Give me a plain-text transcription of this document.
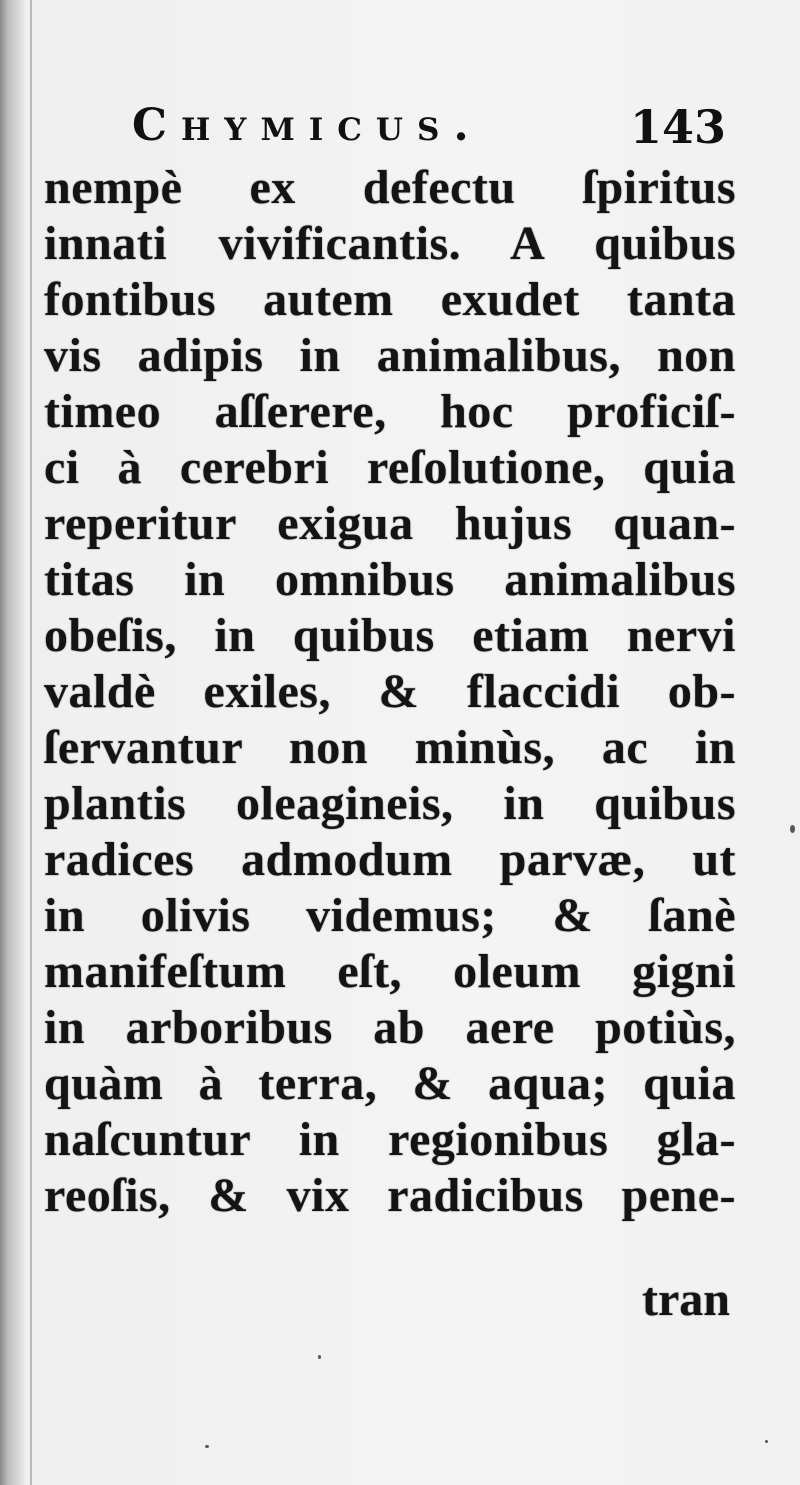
Chymicus.	143
nempè ex defectu ſpiritus
innati vivificantis. A quibus
fontibus autem exudet tanta
vis adipis in animalibus, non
timeo aſſerere, hoc proficiſ-
ci à cerebri reſolutione, quia
reperitur exigua hujus quan-
titas in omnibus animalibus
obeſis, in quibus etiam nervi
valdè exiles, & flaccidi ob-
ſervantur non minùs, ac in
plantis oleagineis, in quibus
radices admodum parvæ, ut
in olivis videmus; & ſanè
manifeſtum eſt, oleum gigni
in arboribus ab aere potiùs,
quàm à terra, & aqua; quia
naſcuntur in regionibus gla-
reoſis, & vix radicibus pene-
tran
